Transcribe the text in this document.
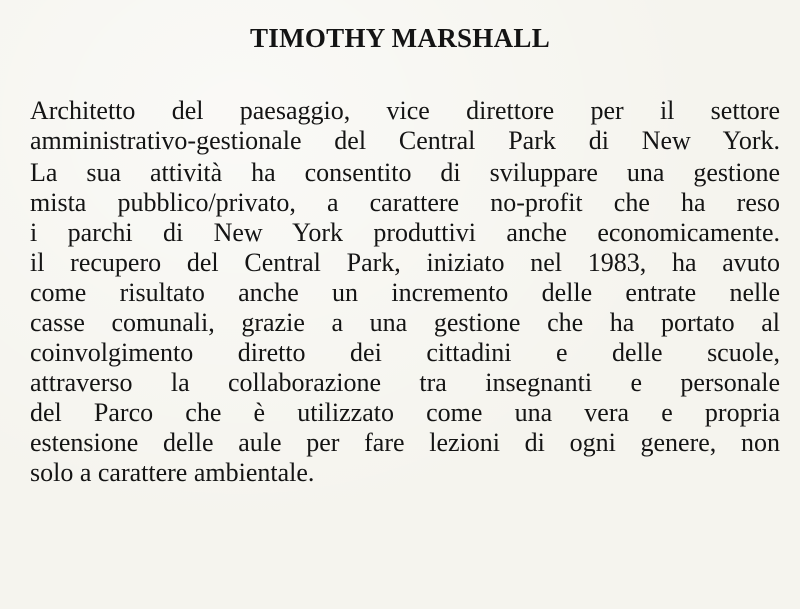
TIMOTHY MARSHALL
Architetto del paesaggio, vice direttore per il settore
amministrativo-gestionale del Central Park di New York.
La sua attività ha consentito di sviluppare una gestione
mista pubblico/privato, a carattere no-profit che ha reso
i parchi di New York produttivi anche economicamente.
il recupero del Central Park, iniziato nel 1983, ha avuto
come risultato anche un incremento delle entrate nelle
casse comunali, grazie a una gestione che ha portato al
coinvolgimento diretto dei cittadini e delle scuole,
attraverso la collaborazione tra insegnanti e personale
del Parco che è utilizzato come una vera e propria
estensione delle aule per fare lezioni di ogni genere, non
solo a carattere ambientale.
